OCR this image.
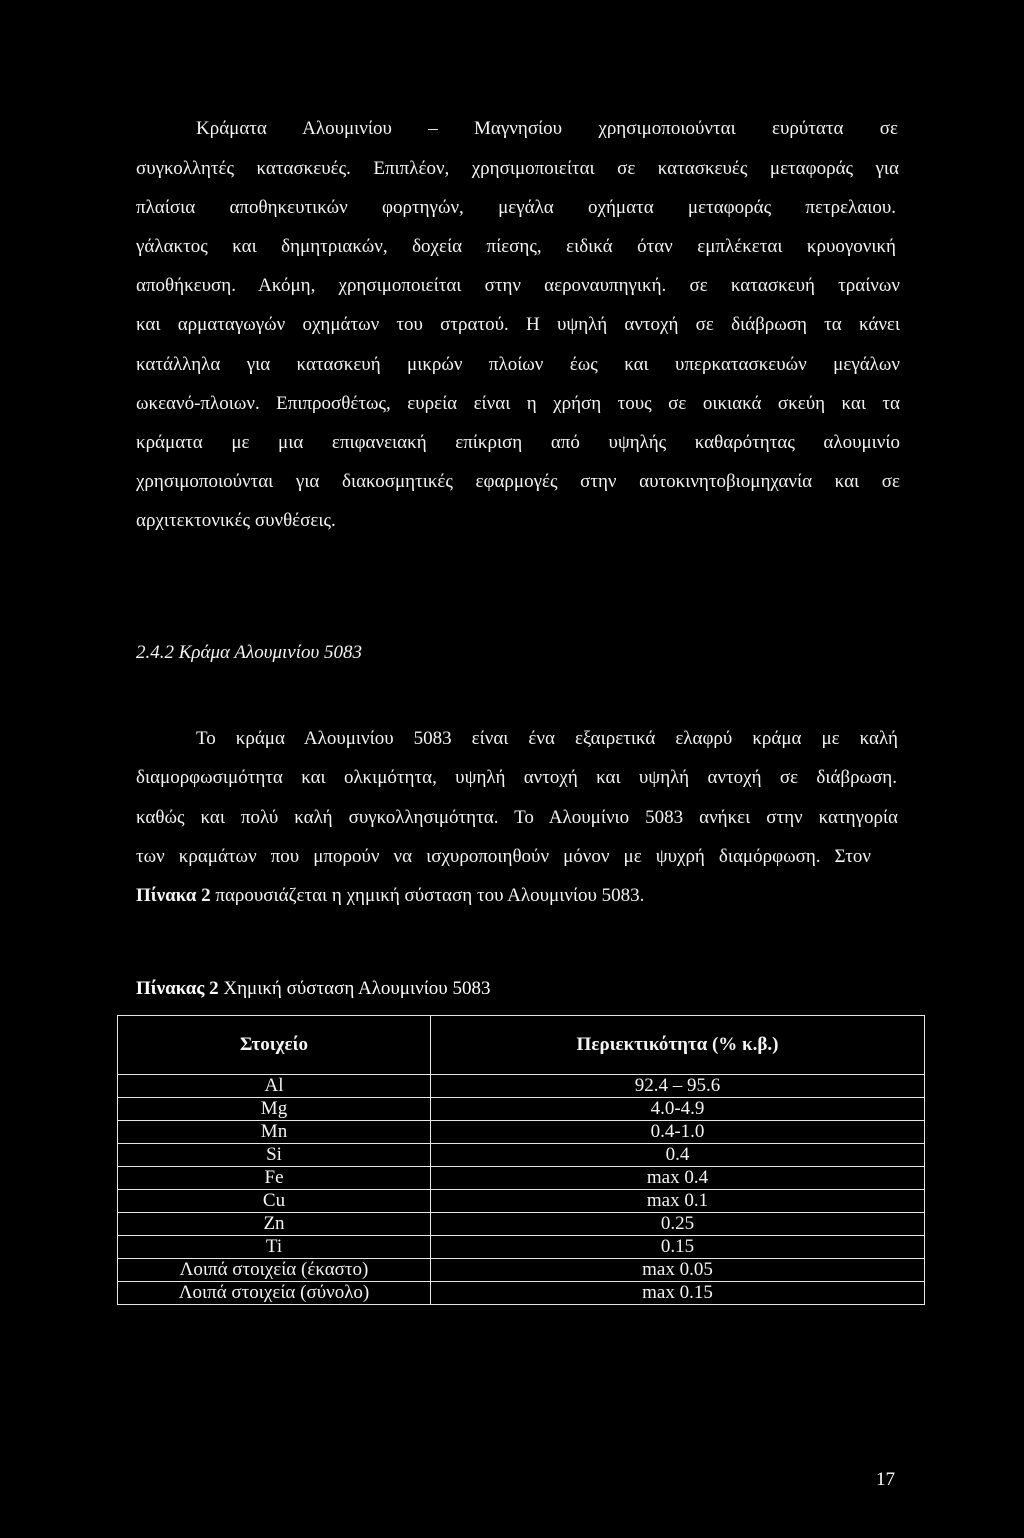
Κράματα Αλουμινίου – Μαγνησίου χρησιμοποιούνται ευρύτατα σε
συγκολλητές κατασκευές. Επιπλέον, χρησιμοποιείται σε κατασκευές μεταφοράς για
πλαίσια αποθηκευτικών φορτηγών, μεγάλα οχήματα μεταφοράς πετρελαιου.
γάλακτος και δημητριακών, δοχεία πίεσης, ειδικά όταν εμπλέκεται κρυογονική
αποθήκευση. Ακόμη, χρησιμοποιείται στην αεροναυπηγική. σε κατασκευή τραίνων
και αρματαγωγών οχημάτων του στρατού. Η υψηλή αντοχή σε διάβρωση τα κάνει
κατάλληλα για κατασκευή μικρών πλοίων έως και υπερκατασκευών μεγάλων
ωκεανό-πλοιων. Επιπροσθέτως, ευρεία είναι η χρήση τους σε οικιακά σκεύη και τα
κράματα με μια επιφανειακή επίκριση από υψηλής καθαρότητας αλουμινίο
χρησιμοποιούνται για διακοσμητικές εφαρμογές στην αυτοκινητοβιομηχανία και σε
αρχιτεκτονικές συνθέσεις.
2.4.2 Κράμα Αλουμινίου 5083
Το κράμα Αλουμινίου 5083 είναι ένα εξαιρετικά ελαφρύ κράμα με καλή
διαμορφωσιμότητα και ολκιμότητα, υψηλή αντοχή και υψηλή αντοχή σε διάβρωση.
καθώς και πολύ καλή συγκολλησιμότητα. Το Αλουμίνιο 5083 ανήκει στην κατηγορία
των κραμάτων που μπορούν να ισχυροποιηθούν μόνον με ψυχρή διαμόρφωση. Στον
Πίνακα 2 παρουσιάζεται η χημική σύσταση του Αλουμινίου 5083.
Πίνακας 2 Χημική σύσταση Αλουμινίου 5083
Στοιχείο	Περιεκτικότητα (% κ.β.)
Al	92.4 – 95.6
Mg	4.0-4.9
Mn	0.4-1.0
Si	0.4
Fe	max 0.4
Cu	max 0.1
Zn	0.25
Ti	0.15
Λοιπά στοιχεία (έκαστο)	max 0.05
Λοιπά στοιχεία (σύνολο)	max 0.15
17
